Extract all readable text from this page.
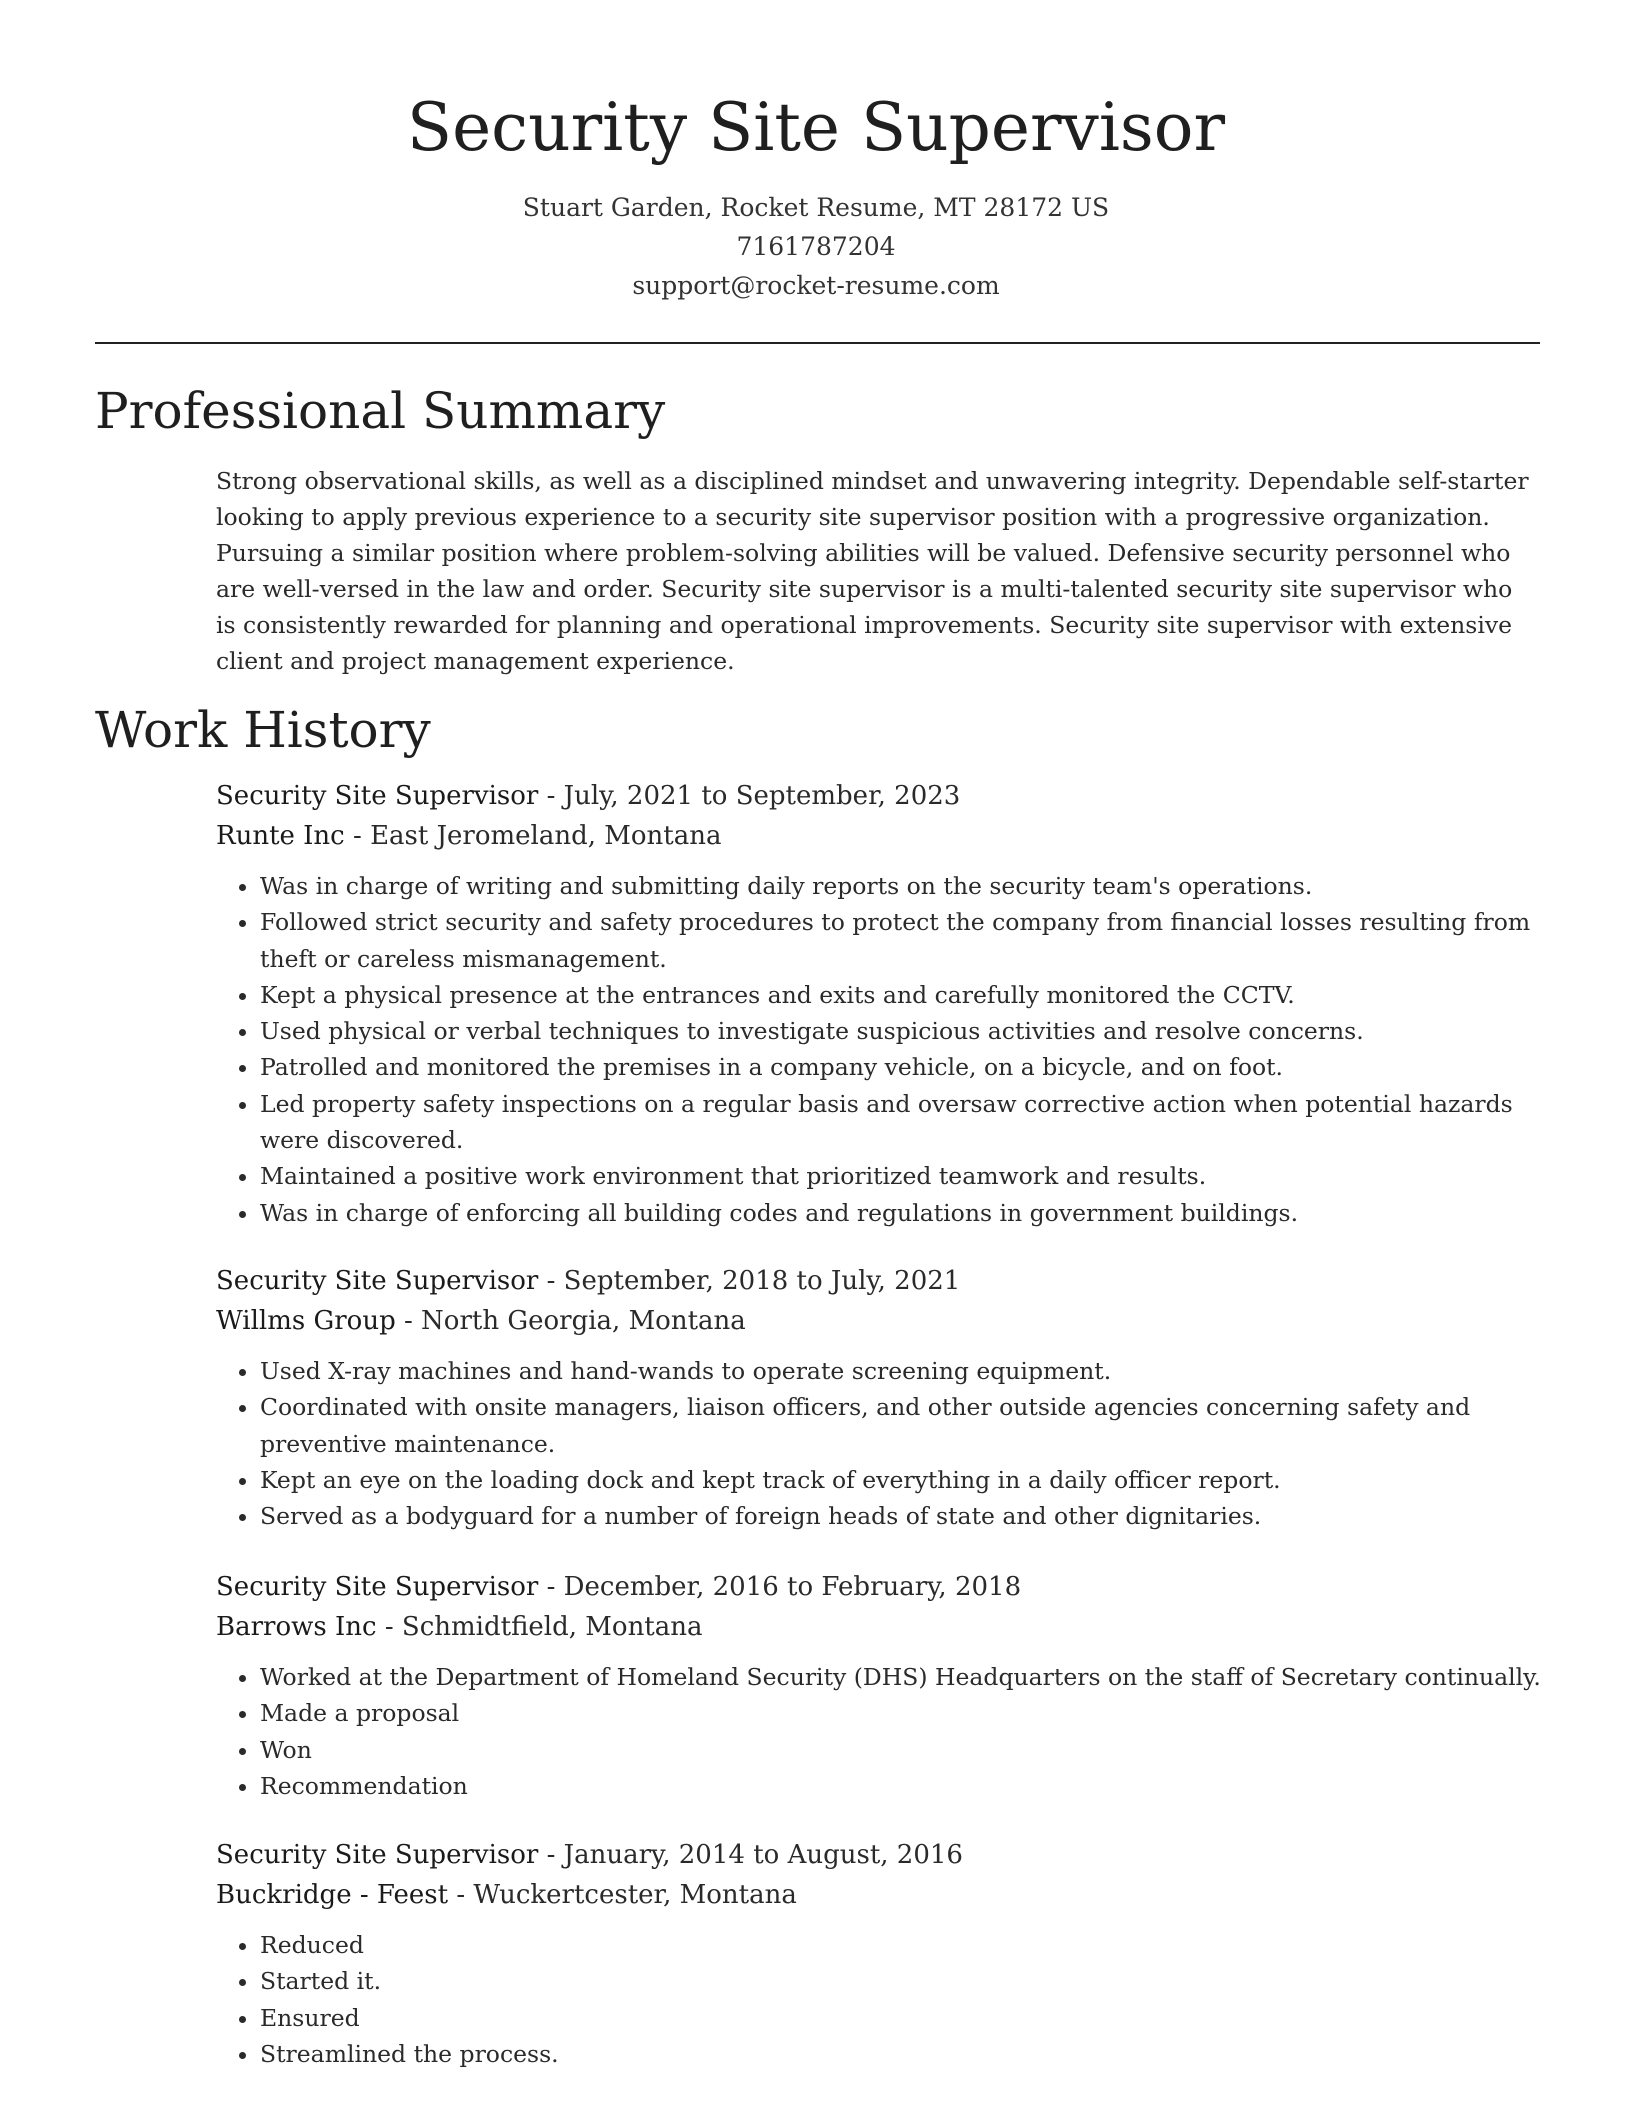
Security Site Supervisor
Stuart Garden, Rocket Resume, MT 28172 US
7161787204
support@rocket-resume.com
Professional Summary

Strong observational skills, as well as a disciplined mindset and unwavering integrity. Dependable self-starter looking to apply previous experience to a security site supervisor position with a progressive organization. Pursuing a similar position where problem-solving abilities will be valued. Defensive security personnel who are well-versed in the law and order. Security site supervisor is a multi-talented security site supervisor who is consistently rewarded for planning and operational improvements. Security site supervisor with extensive client and project management experience.

Work History
Security Site Supervisor - July, 2021 to September, 2023
Runte Inc - East Jeromeland, Montana
• Was in charge of writing and submitting daily reports on the security team's operations.
• Followed strict security and safety procedures to protect the company from financial losses resulting from theft or careless mismanagement.
• Kept a physical presence at the entrances and exits and carefully monitored the CCTV.
• Used physical or verbal techniques to investigate suspicious activities and resolve concerns.
• Patrolled and monitored the premises in a company vehicle, on a bicycle, and on foot.
• Led property safety inspections on a regular basis and oversaw corrective action when potential hazards were discovered.
• Maintained a positive work environment that prioritized teamwork and results.
• Was in charge of enforcing all building codes and regulations in government buildings.
Security Site Supervisor - September, 2018 to July, 2021
Willms Group - North Georgia, Montana
• Used X-ray machines and hand-wands to operate screening equipment.
• Coordinated with onsite managers, liaison officers, and other outside agencies concerning safety and preventive maintenance.
• Kept an eye on the loading dock and kept track of everything in a daily officer report.
• Served as a bodyguard for a number of foreign heads of state and other dignitaries.
Security Site Supervisor - December, 2016 to February, 2018
Barrows Inc - Schmidtfield, Montana
• Worked at the Department of Homeland Security (DHS) Headquarters on the staff of Secretary continually.
• Made a proposal
• Won
• Recommendation
Security Site Supervisor - January, 2014 to August, 2016
Buckridge - Feest - Wuckertcester, Montana
• Reduced
• Started it.
• Ensured
• Streamlined the process.
